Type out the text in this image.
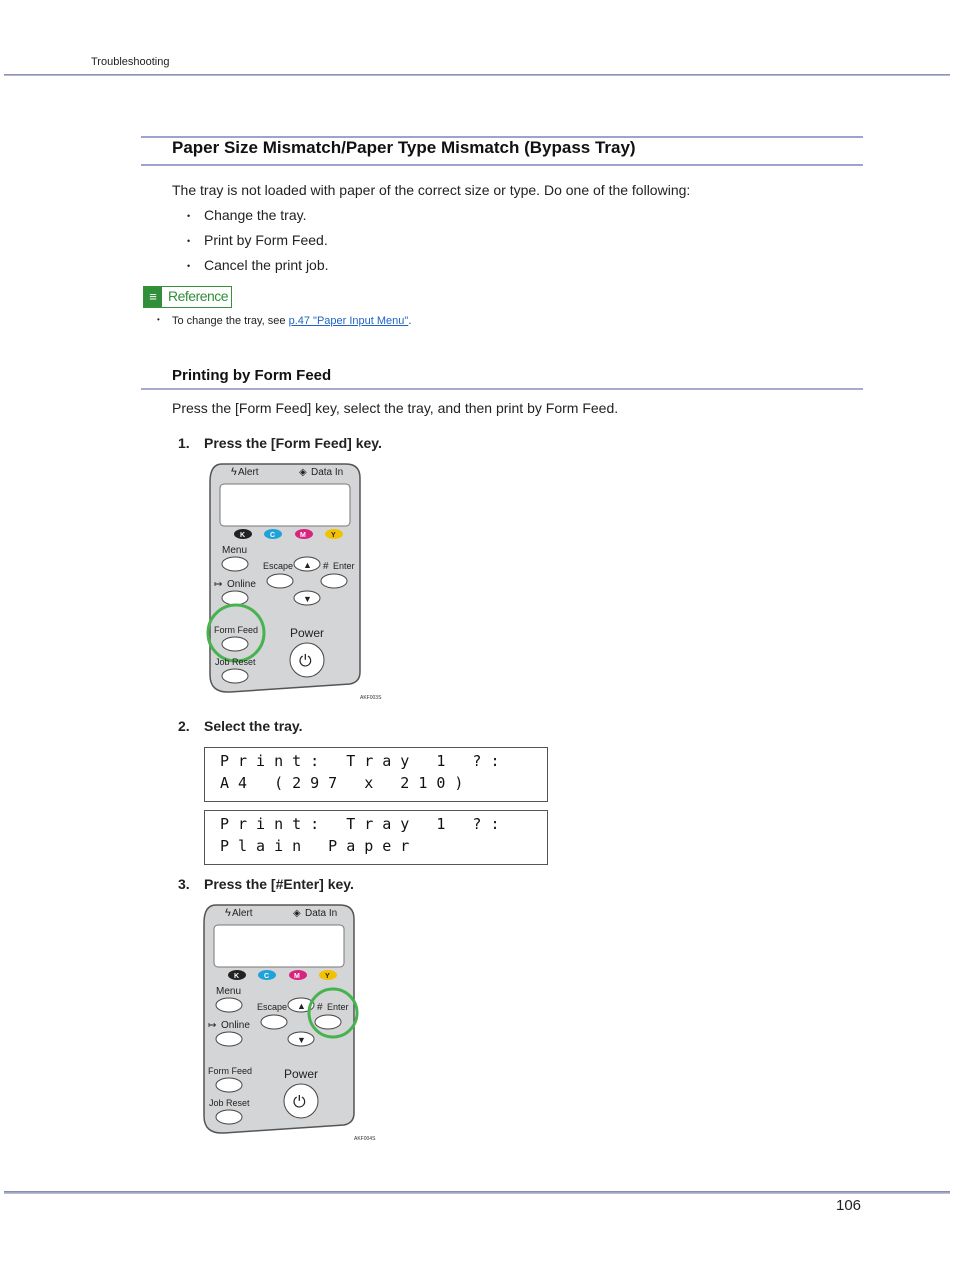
Troubleshooting
Paper Size Mismatch/Paper Type Mismatch (Bypass Tray)
The tray is not loaded with paper of the correct size or type. Do one of the following:
• Change the tray.
• Print by Form Feed.
• Cancel the print job.
≡ Reference
• To change the tray, see p.47 "Paper Input Menu".
Printing by Form Feed
Press the [Form Feed] key, select the tray, and then print by Form Feed.
1. Press the [Form Feed] key.
Alert
ϟ	◈ Data In
K	C	M	Y
Menu
Escape ▲ # Enter
↦ Online
▼
Form Feed	Power
⏻
Job Reset
AKF003S
2. Select the tray.
Print: Tray 1 ?:
A4 (297 x 210)
Print: Tray 1 ?:
Plain Paper
3. Press the [#Enter] key.
Alert
ϟ	◈ Data In
K	C	M	Y
Menu
Escape ▲ # Enter
↦ Online
▼
Form Feed	Power
⏻
Job Reset
AKF004S
106
